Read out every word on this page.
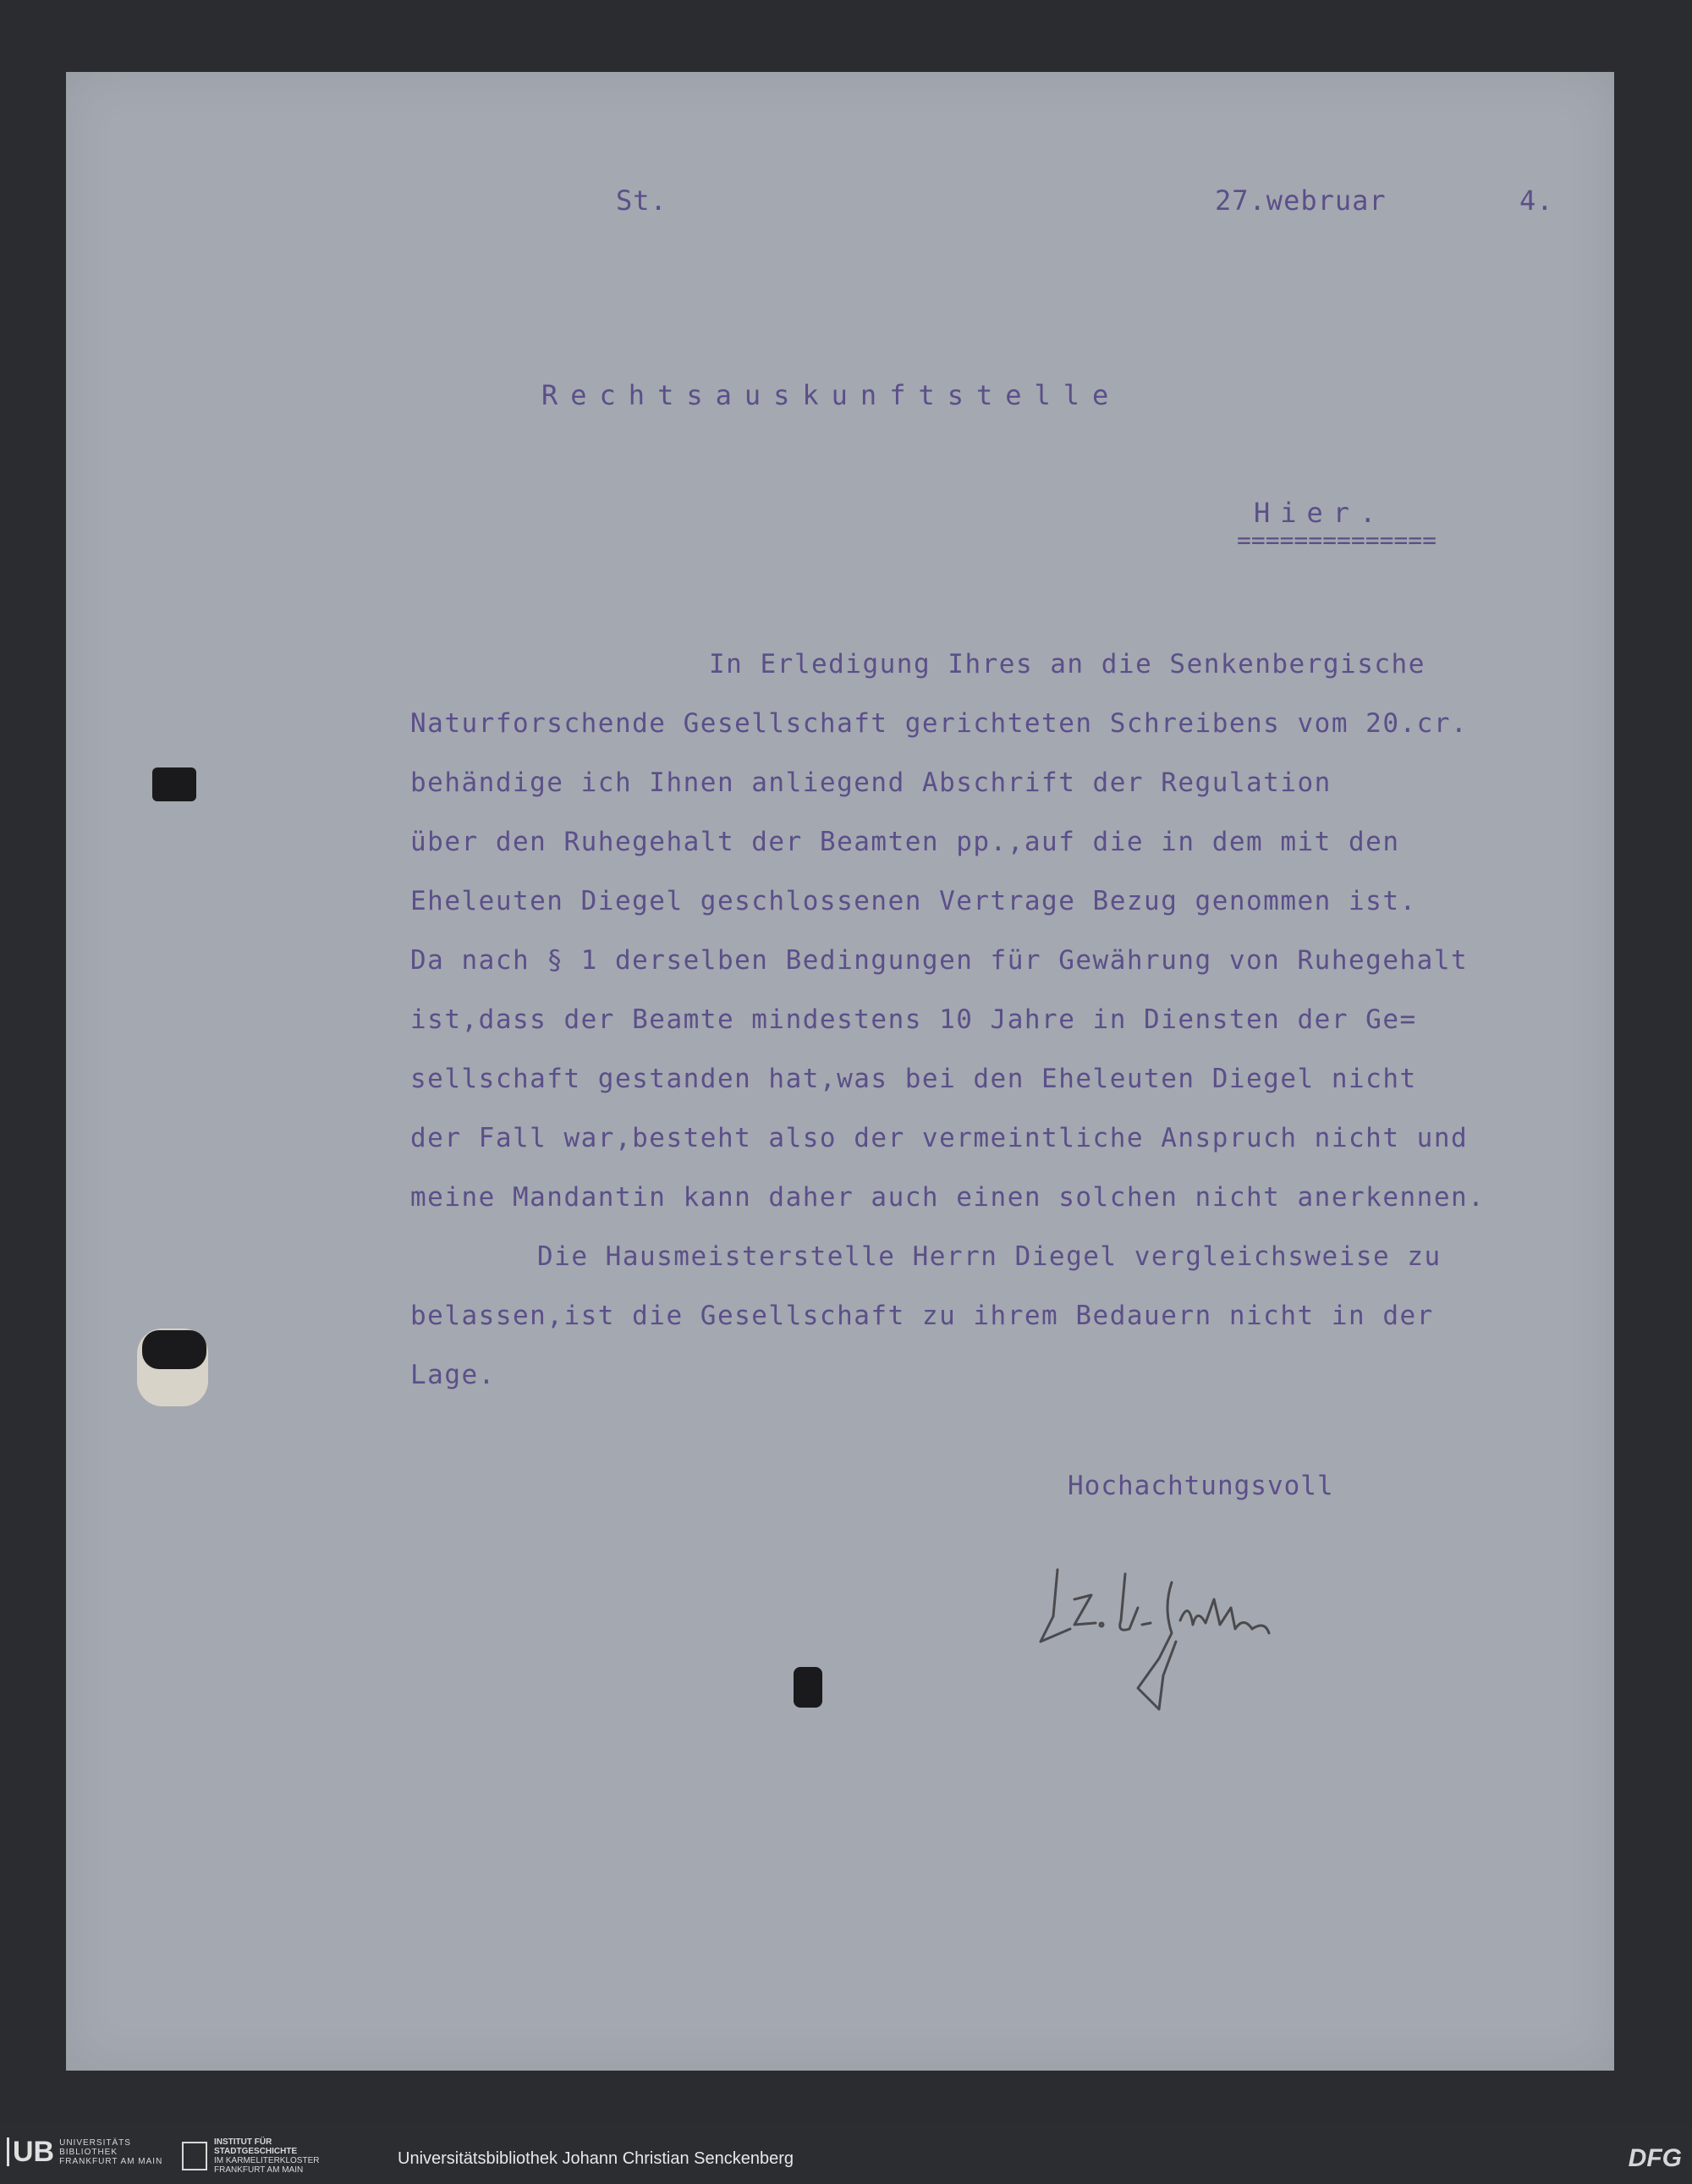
St.	27.webruar	4.
Rechtsauskunftstelle
Hier.
==============
In Erledigung Ihres an die Senkenbergische
Naturforschende Gesellschaft gerichteten Schreibens vom 20.cr.
behändige ich Ihnen anliegend Abschrift der Regulation
über den Ruhegehalt der Beamten pp.,auf die in dem mit den
Eheleuten Diegel geschlossenen Vertrage Bezug genommen ist.
Da nach § 1 derselben Bedingungen für Gewährung von Ruhegehalt
ist,dass der Beamte mindestens 10 Jahre in Diensten der Ge=
sellschaft gestanden hat,was bei den Eheleuten Diegel nicht
der Fall war,besteht also der vermeintliche Anspruch nicht und
meine Mandantin kann daher auch einen solchen nicht anerkennen.
Die Hausmeisterstelle Herrn Diegel vergleichsweise zu
belassen,ist die Gesellschaft zu ihrem Bedauern nicht in der
Lage.
Hochachtungsvoll
UB UNIVERSITÄTS
BIBLIOTHEK
FRANKFURT AM MAIN
INSTITUT FÜR
STADTGESCHICHTE
IM KARMELITERKLOSTER
FRANKFURT AM MAIN
Universitätsbibliothek Johann Christian Senckenberg	DFG
